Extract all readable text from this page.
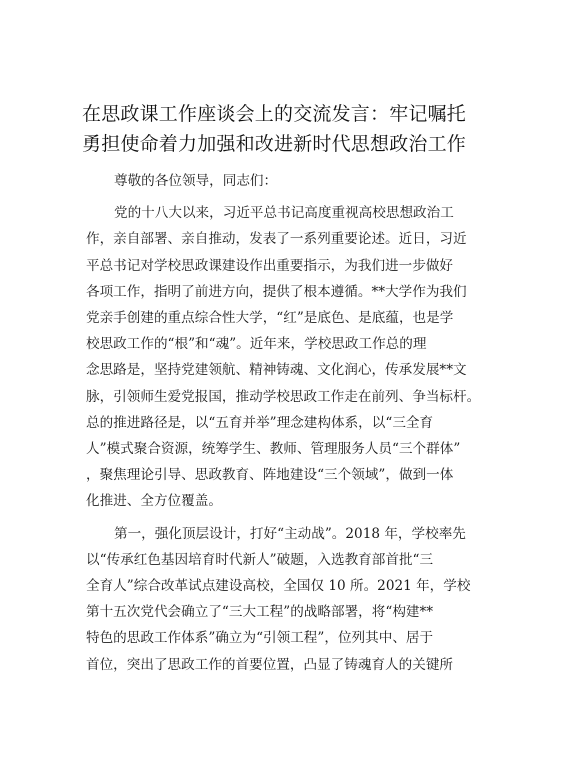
在思政课工作座谈会上的交流发言：牢记嘱托
勇担使命着力加强和改进新时代思想政治工作
尊敬的各位领导，同志们：
党的十八大以来，习近平总书记高度重视高校思想政治工
作，亲自部署、亲自推动，发表了一系列重要论述。近日，习近
平总书记对学校思政课建设作出重要指示，为我们进一步做好
各项工作，指明了前进方向，提供了根本遵循。**大学作为我们
党亲手创建的重点综合性大学，“红”是底色、是底蕴，也是学
校思政工作的“根”和“魂”。近年来，学校思政工作总的理
念思路是，坚持党建领航、精神铸魂、文化润心，传承发展**文
脉，引领师生爱党报国，推动学校思政工作走在前列、争当标杆。
总的推进路径是，以“五育并举”理念建构体系，以“三全育
人”模式聚合资源，统筹学生、教师、管理服务人员“三个群体”
，聚焦理论引导、思政教育、阵地建设“三个领域”，做到一体
化推进、全方位覆盖。
第一，强化顶层设计，打好“主动战”。2018 年，学校率先
以“传承红色基因培育时代新人”破题，入选教育部首批“三
全育人”综合改革试点建设高校，全国仅 10 所。2021 年，学校
第十五次党代会确立了“三大工程”的战略部署，将“构建**
特色的思政工作体系”确立为“引领工程”，位列其中、居于
首位，突出了思政工作的首要位置，凸显了铸魂育人的关键所
